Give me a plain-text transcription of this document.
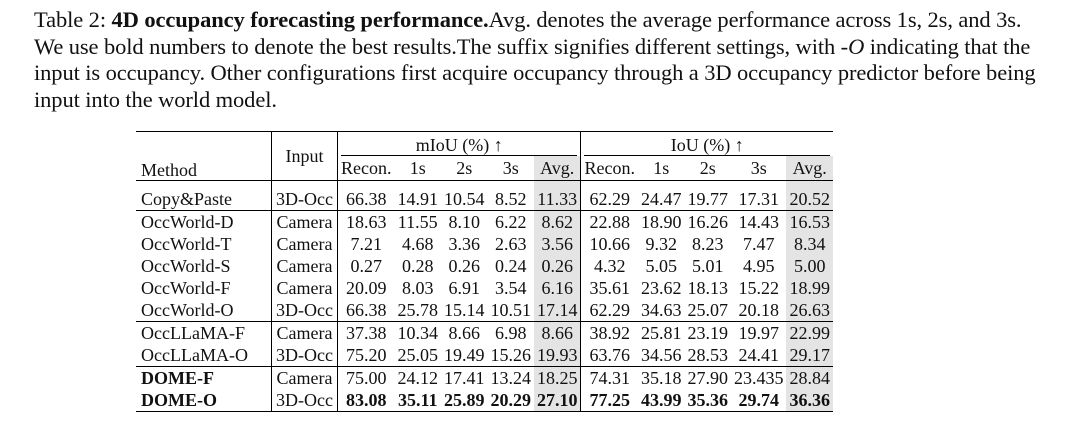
Table 2: 4D occupancy forecasting performance.Avg. denotes the average performance across 1s, 2s, and 3s. We use bold numbers to denote the best results.The suffix signifies different settings, with -O indicating that the input is occupancy. Other configurations first acquire occupancy through a 3D occupancy predictor before being input into the world model.
Method	Input	mIoU (%) ↑					IoU (%) ↑				
		Recon.	1s	2s	3s	Avg.	Recon.	1s	2s	3s	Avg.
Copy&Paste	3D-Occ	66.38	14.91	10.54	8.52	11.33	62.29	24.47	19.77	17.31	20.52
OccWorld-D	Camera	18.63	11.55	8.10	6.22	8.62	22.88	18.90	16.26	14.43	16.53
OccWorld-T	Camera	7.21	4.68	3.36	2.63	3.56	10.66	9.32	8.23	7.47	8.34
OccWorld-S	Camera	0.27	0.28	0.26	0.24	0.26	4.32	5.05	5.01	4.95	5.00
OccWorld-F	Camera	20.09	8.03	6.91	3.54	6.16	35.61	23.62	18.13	15.22	18.99
OccWorld-O	3D-Occ	66.38	25.78	15.14	10.51	17.14	62.29	34.63	25.07	20.18	26.63
OccLLaMA-F	Camera	37.38	10.34	8.66	6.98	8.66	38.92	25.81	23.19	19.97	22.99
OccLLaMA-O	3D-Occ	75.20	25.05	19.49	15.26	19.93	63.76	34.56	28.53	24.41	29.17
DOME-F	Camera	75.00	24.12	17.41	13.24	18.25	74.31	35.18	27.90	23.435	28.84
DOME-O	3D-Occ	83.08	35.11	25.89	20.29	27.10	77.25	43.99	35.36	29.74	36.36
